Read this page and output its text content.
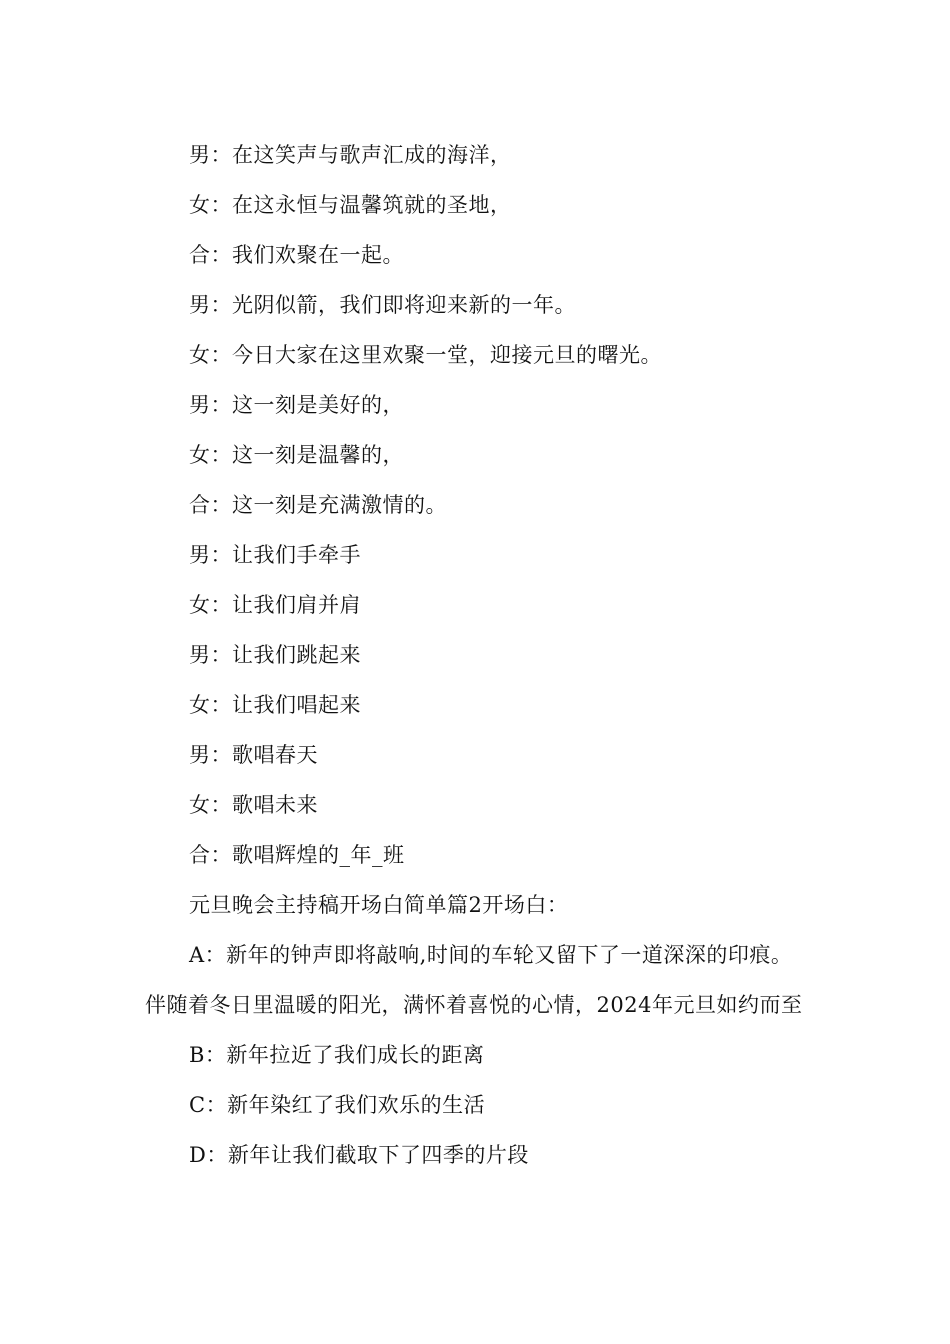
男：在这笑声与歌声汇成的海洋，
女：在这永恒与温馨筑就的圣地，
合：我们欢聚在一起。
男：光阴似箭，我们即将迎来新的一年。
女：今日大家在这里欢聚一堂，迎接元旦的曙光。
男：这一刻是美好的，
女：这一刻是温馨的，
合：这一刻是充满激情的。
男：让我们手牵手
女：让我们肩并肩
男：让我们跳起来
女：让我们唱起来
男：歌唱春天
女：歌唱未来
合：歌唱辉煌的_年_班
元旦晚会主持稿开场白简单篇2开场白：
A：新年的钟声即将敲响,时间的车轮又留下了一道深深的印痕。伴随着冬日里温暖的阳光，满怀着喜悦的心情，2024年元旦如约而至
B：新年拉近了我们成长的距离
C：新年染红了我们欢乐的生活
D：新年让我们截取下了四季的片段
